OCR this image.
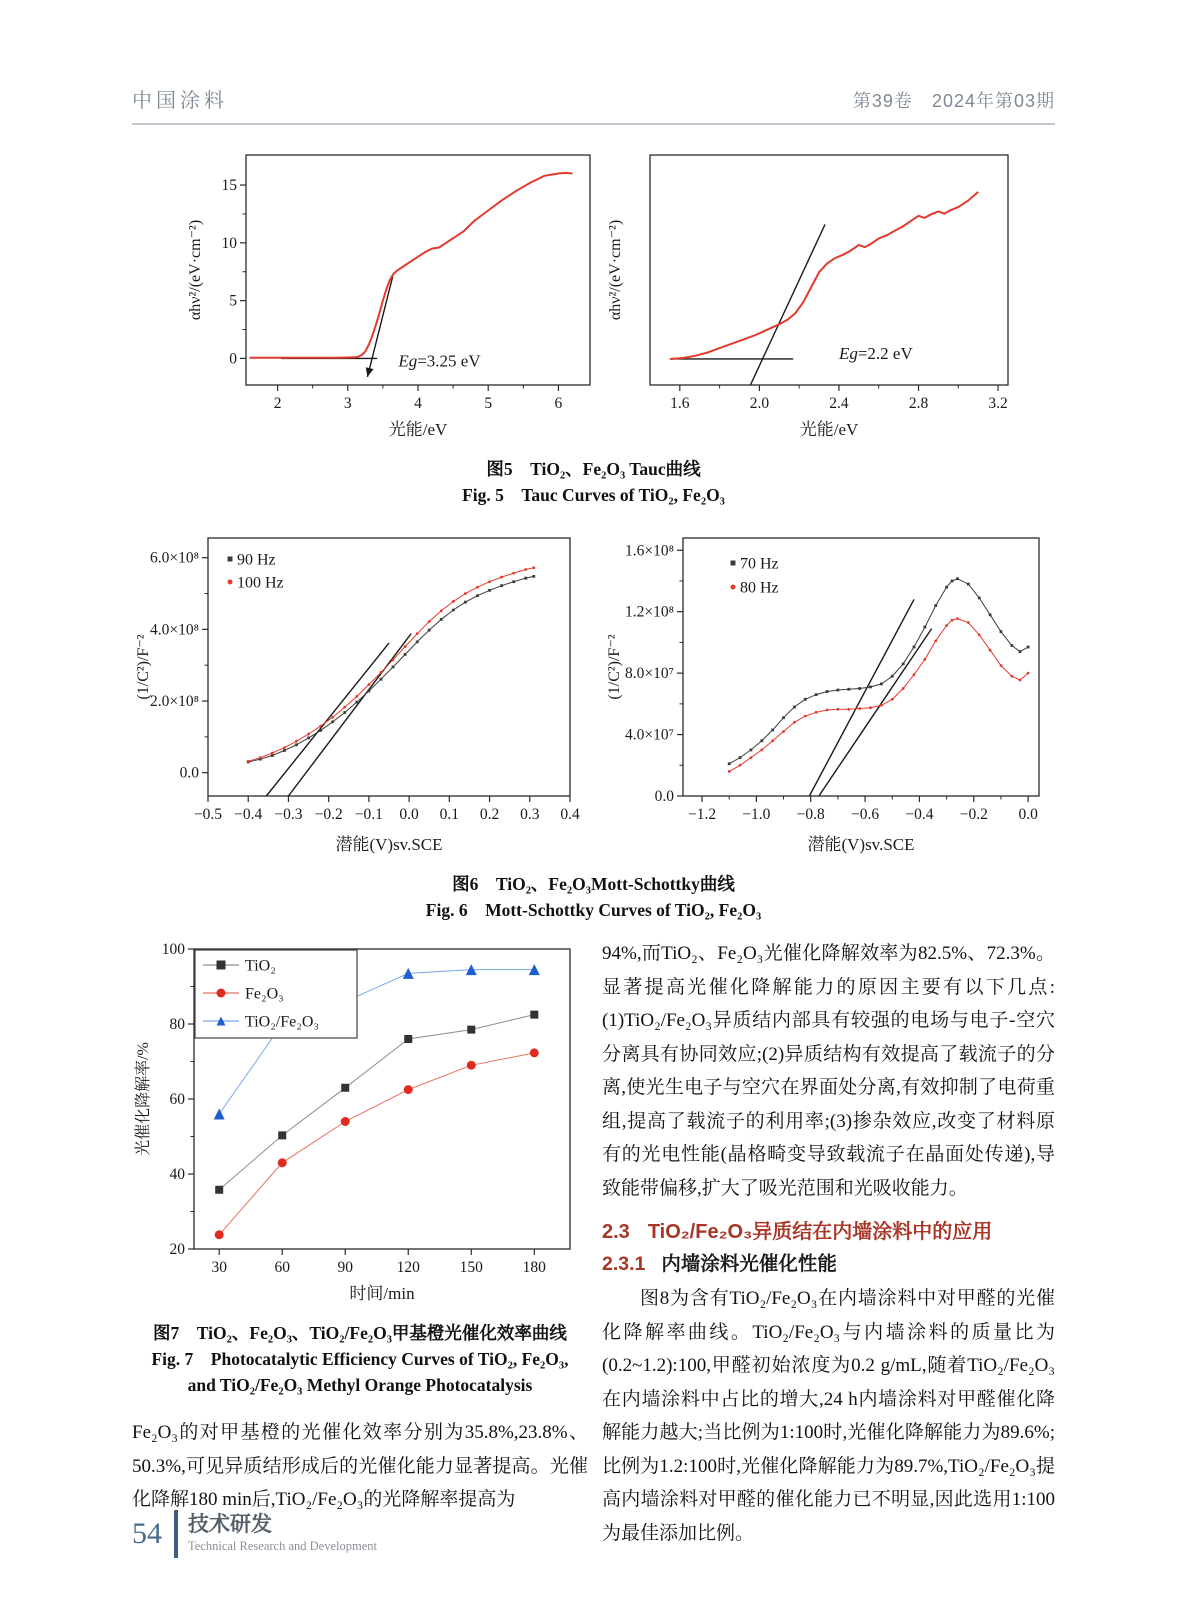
中国涂料	第39卷　2024年第03期
2	3	4	5	6
0
5
10
15
光能/eV
αhν²/(eV·cm⁻²)
Eg=3.25 eV
1.6	2.0	2.4	2.8	3.2
光能/eV
αhν²/(eV·cm⁻²)
Eg=2.2 eV
图5　TiO₂、Fe₂O₃ Tauc曲线
Fig. 5　Tauc Curves of TiO₂, Fe₂O₃
−0.5 −0.4 −0.3 −0.2 −0.1 0.0 0.1 0.2 0.3 0.4
0.0
2.0×10⁸
4.0×10⁸
6.0×10⁸
潜能(V)sv.SCE
(1/C²)/F⁻²
90 Hz
100 Hz
−1.2 −1.0 −0.8 −0.6 −0.4 −0.2 0.0
0.0
4.0×10⁷
8.0×10⁷
1.2×10⁸
1.6×10⁸
潜能(V)sv.SCE
(1/C²)/F⁻²
70 Hz
80 Hz
图6　TiO₂、Fe₂O₃Mott-Schottky曲线
Fig. 6　Mott-Schottky Curves of TiO₂, Fe₂O₃
30	60	90	120	150	180
20
40
60
80
100
时间/min
光催化降解率/%
TiO₂
Fe₂O₃
TiO₂/Fe₂O₃
图7　TiO₂、Fe₂O₃、TiO₂/Fe₂O₃甲基橙光催化效率曲线
Fig. 7　Photocatalytic Efficiency Curves of TiO₂, Fe₂O₃,
and TiO₂/Fe₂O₃ Methyl Orange Photocatalysis

Fe₂O₃的对甲基橙的光催化效率分别为35.8%,23.8%、50.3%,可见异质结形成后的光催化能力显著提高。光催化降解180 min后,TiO₂/Fe₂O₃的光降解率提高为

94%,而TiO₂、Fe₂O₃光催化降解效率为82.5%、72.3%。显著提高光催化降解能力的原因主要有以下几点:(1)TiO₂/Fe₂O₃异质结内部具有较强的电场与电子-空穴分离具有协同效应;(2)异质结构有效提高了载流子的分离,使光生电子与空穴在界面处分离,有效抑制了电荷重组,提高了载流子的利用率;(3)掺杂效应,改变了材料原有的光电性能(晶格畸变导致载流子在晶面处传递),导致能带偏移,扩大了吸光范围和光吸收能力。

2.3 TiO₂/Fe₂O₃异质结在内墙涂料中的应用
2.3.1 内墙涂料光催化性能

图8为含有TiO₂/Fe₂O₃在内墙涂料中对甲醛的光催化降解率曲线。TiO₂/Fe₂O₃与内墙涂料的质量比为(0.2~1.2):100,甲醛初始浓度为0.2 g/mL,随着TiO₂/Fe₂O₃在内墙涂料中占比的增大,24 h内墙涂料对甲醛催化降解能力越大;当比例为1:100时,光催化降解能力为89.6%;比例为1.2:100时,光催化降解能力为89.7%,TiO₂/Fe₂O₃提高内墙涂料对甲醛的催化能力已不明显,因此选用1:100为最佳添加比例。

54 技术研发
Technical Research and Development
